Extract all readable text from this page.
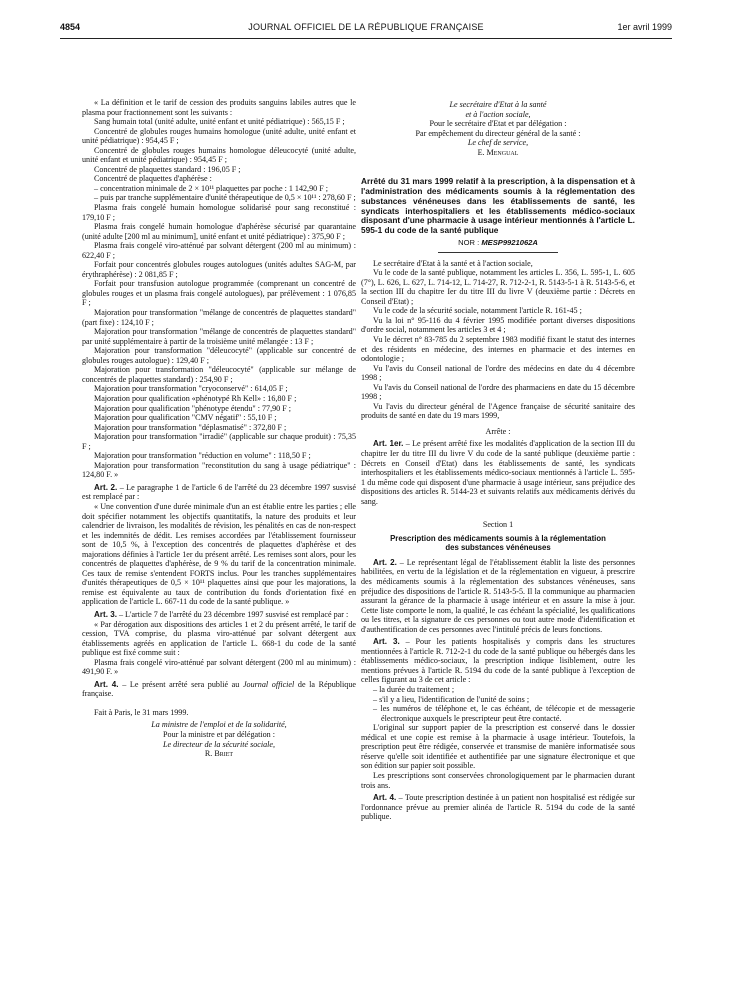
4854	JOURNAL OFFICIEL DE LA RÉPUBLIQUE FRANÇAISE	1er avril 1999

« La définition et le tarif de cession des produits sanguins labiles autres que le plasma pour fractionnement sont les suivants :

Sang humain total (unité adulte, unité enfant et unité pédiatrique) : 565,15 F ;

Concentré de globules rouges humains homologue (unité adulte, unité enfant et unité pédiatrique) : 954,45 F ;

Concentré de globules rouges humains homologue déleucocyté (unité adulte, unité enfant et unité pédiatrique) : 954,45 F ;

Concentré de plaquettes standard : 196,05 F ;

Concentré de plaquettes d'aphérèse :

– concentration minimale de 2 × 10¹¹ plaquettes par poche : 1 142,90 F ;

– puis par tranche supplémentaire d'unité thérapeutique de 0,5 × 10¹¹ : 278,60 F ;

Plasma frais congelé humain homologue solidarisé pour sang reconstitué : 179,10 F ;

Plasma frais congelé humain homologue d'aphérèse sécurisé par quarantaine (unité adulte [200 ml au minimum], unité enfant et unité pédiatrique) : 375,90 F ;

Plasma frais congelé viro-atténué par solvant détergent (200 ml au minimum) : 622,40 F ;

Forfait pour concentrés globules rouges autologues (unités adultes SAG-M, par érythraphérèse) : 2 081,85 F ;

Forfait pour transfusion autologue programmée (comprenant un concentré de globules rouges et un plasma frais congelé autologues), par prélèvement : 1 076,85 F ;

Majoration pour transformation "mélange de concentrés de plaquettes standard" (part fixe) : 124,10 F ;

Majoration pour transformation "mélange de concentrés de plaquettes standard" par unité supplémentaire à partir de la troisième unité mélangée : 13 F ;

Majoration pour transformation "déleucocyté" (applicable sur concentré de globules rouges autologue) : 129,40 F ;

Majoration pour transformation "déleucocyté" (applicable sur mélange de concentrés de plaquettes standard) : 254,90 F ;

Majoration pour transformation "cryoconservé" : 614,05 F ;

Majoration pour qualification «phénotypé Rh Kell» : 16,80 F ;

Majoration pour qualification "phénotype étendu" : 77,90 F ;

Majoration pour qualification "CMV négatif" : 55,10 F ;

Majoration pour transformation "déplasmatisé" : 372,80 F ;

Majoration pour transformation "irradié" (applicable sur chaque produit) : 75,35 F ;

Majoration pour transformation "réduction en volume" : 118,50 F ;

Majoration pour transformation "reconstitution du sang à usage pédiatrique" : 124,80 F. »

Art. 2. – Le paragraphe 1 de l'article 6 de l'arrêté du 23 décembre 1997 susvisé est remplacé par :

« Une convention d'une durée minimale d'un an est établie entre les parties ; elle doit spécifier notamment les objectifs quantitatifs, la nature des produits et leur calendrier de livraison, les modalités de révision, les pénalités en cas de non-respect et les indemnités de dédit. Les remises accordées par l'établissement fournisseur sont de 10,5 %, à l'exception des concentrés de plaquettes d'aphérèse et des majorations définies à l'article 1er du présent arrêté. Les remises sont alors, pour les concentrés de plaquettes d'aphérèse, de 9 % du tarif de la concentration minimale. Ces taux de remise s'entendent FORTS inclus. Pour les tranches supplémentaires d'unités thérapeutiques de 0,5 × 10¹¹ plaquettes ainsi que pour les majorations, la remise est équivalente au taux de contribution du fonds d'orientation fixé en application de l'article L. 667-11 du code de la santé publique. »

Art. 3. – L'article 7 de l'arrêté du 23 décembre 1997 susvisé est remplacé par :

« Par dérogation aux dispositions des articles 1 et 2 du présent arrêté, le tarif de cession, TVA comprise, du plasma viro-atténué par solvant détergent aux établissements agréés en application de l'article L. 668-1 du code de la santé publique est fixé comme suit :

Plasma frais congelé viro-atténué par solvant détergent (200 ml au minimum) : 491,90 F. »

Art. 4. – Le présent arrêté sera publié au Journal officiel de la République française.

Fait à Paris, le 31 mars 1999.

La ministre de l'emploi et de la solidarité,

Pour la ministre et par délégation :

Le directeur de la sécurité sociale,

R. Briet

Le secrétaire d'Etat à la santé

et à l'action sociale,

Pour le secrétaire d'Etat et par délégation :

Par empêchement du directeur général de la santé :

Le chef de service,

E. Mengual

Arrêté du 31 mars 1999 relatif à la prescription, à la dispensation et à l'administration des médicaments soumis à la réglementation des substances vénéneuses dans les établissements de santé, les syndicats interhospitaliers et les établissements médico-sociaux disposant d'une pharmacie à usage intérieur mentionnés à l'article L. 595-1 du code de la santé publique

NOR : MESP9921062A

Le secrétaire d'Etat à la santé et à l'action sociale,

Vu le code de la santé publique, notamment les articles L. 356, L. 595-1, L. 605 (7°), L. 626, L. 627, L. 714-12, L. 714-27, R. 712-2-1, R. 5143-5-1 à R. 5143-5-6, et la section III du chapitre Ier du titre III du livre V (deuxième partie : Décrets en Conseil d'Etat) ;

Vu le code de la sécurité sociale, notamment l'article R. 161-45 ;

Vu la loi n° 95-116 du 4 février 1995 modifiée portant diverses dispositions d'ordre social, notamment les articles 3 et 4 ;

Vu le décret n° 83-785 du 2 septembre 1983 modifié fixant le statut des internes et des résidents en médecine, des internes en pharmacie et des internes en odontologie ;

Vu l'avis du Conseil national de l'ordre des médecins en date du 4 décembre 1998 ;

Vu l'avis du Conseil national de l'ordre des pharmaciens en date du 15 décembre 1998 ;

Vu l'avis du directeur général de l'Agence française de sécurité sanitaire des produits de santé en date du 19 mars 1999,

Arrête :

Art. 1er. – Le présent arrêté fixe les modalités d'application de la section III du chapitre Ier du titre III du livre V du code de la santé publique (deuxième partie : Décrets en Conseil d'Etat) dans les établissements de santé, les syndicats interhospitaliers et les établissements médico-sociaux mentionnés à l'article L. 595-1 du même code qui disposent d'une pharmacie à usage intérieur, sans préjudice des dispositions des articles R. 5144-23 et suivants relatifs aux médicaments dérivés du sang.

Section 1

Prescription des médicaments soumis à la réglementation
des substances vénéneuses

Art. 2. – Le représentant légal de l'établissement établit la liste des personnes habilitées, en vertu de la législation et de la réglementation en vigueur, à prescrire des médicaments soumis à la réglementation des substances vénéneuses, sans préjudice des dispositions de l'article R. 5143-5-5. Il la communique au pharmacien assurant la gérance de la pharmacie à usage intérieur et en assure la mise à jour. Cette liste comporte le nom, la qualité, le cas échéant la spécialité, les qualifications ou les titres, et la signature de ces personnes ou tout autre mode d'identification et d'authentification de ces personnes avec l'intitulé précis de leurs fonctions.

Art. 3. – Pour les patients hospitalisés y compris dans les structures mentionnées à l'article R. 712-2-1 du code de la santé publique ou hébergés dans les établissements médico-sociaux, la prescription indique lisiblement, outre les mentions prévues à l'article R. 5194 du code de la santé publique à l'exception de celles figurant au 3 de cet article :

– la durée du traitement ;

– s'il y a lieu, l'identification de l'unité de soins ;

– les numéros de téléphone et, le cas échéant, de télécopie et de messagerie électronique auxquels le prescripteur peut être contacté.

L'original sur support papier de la prescription est conservé dans le dossier médical et une copie est remise à la pharmacie à usage intérieur. Toutefois, la prescription peut être rédigée, conservée et transmise de manière informatisée sous réserve qu'elle soit identifiée et authentifiée par une signature électronique et que son édition sur papier soit possible.

Les prescriptions sont conservées chronologiquement par le pharmacien durant trois ans.

Art. 4. – Toute prescription destinée à un patient non hospitalisé est rédigée sur l'ordonnance prévue au premier alinéa de l'article R. 5194 du code de la santé publique.
